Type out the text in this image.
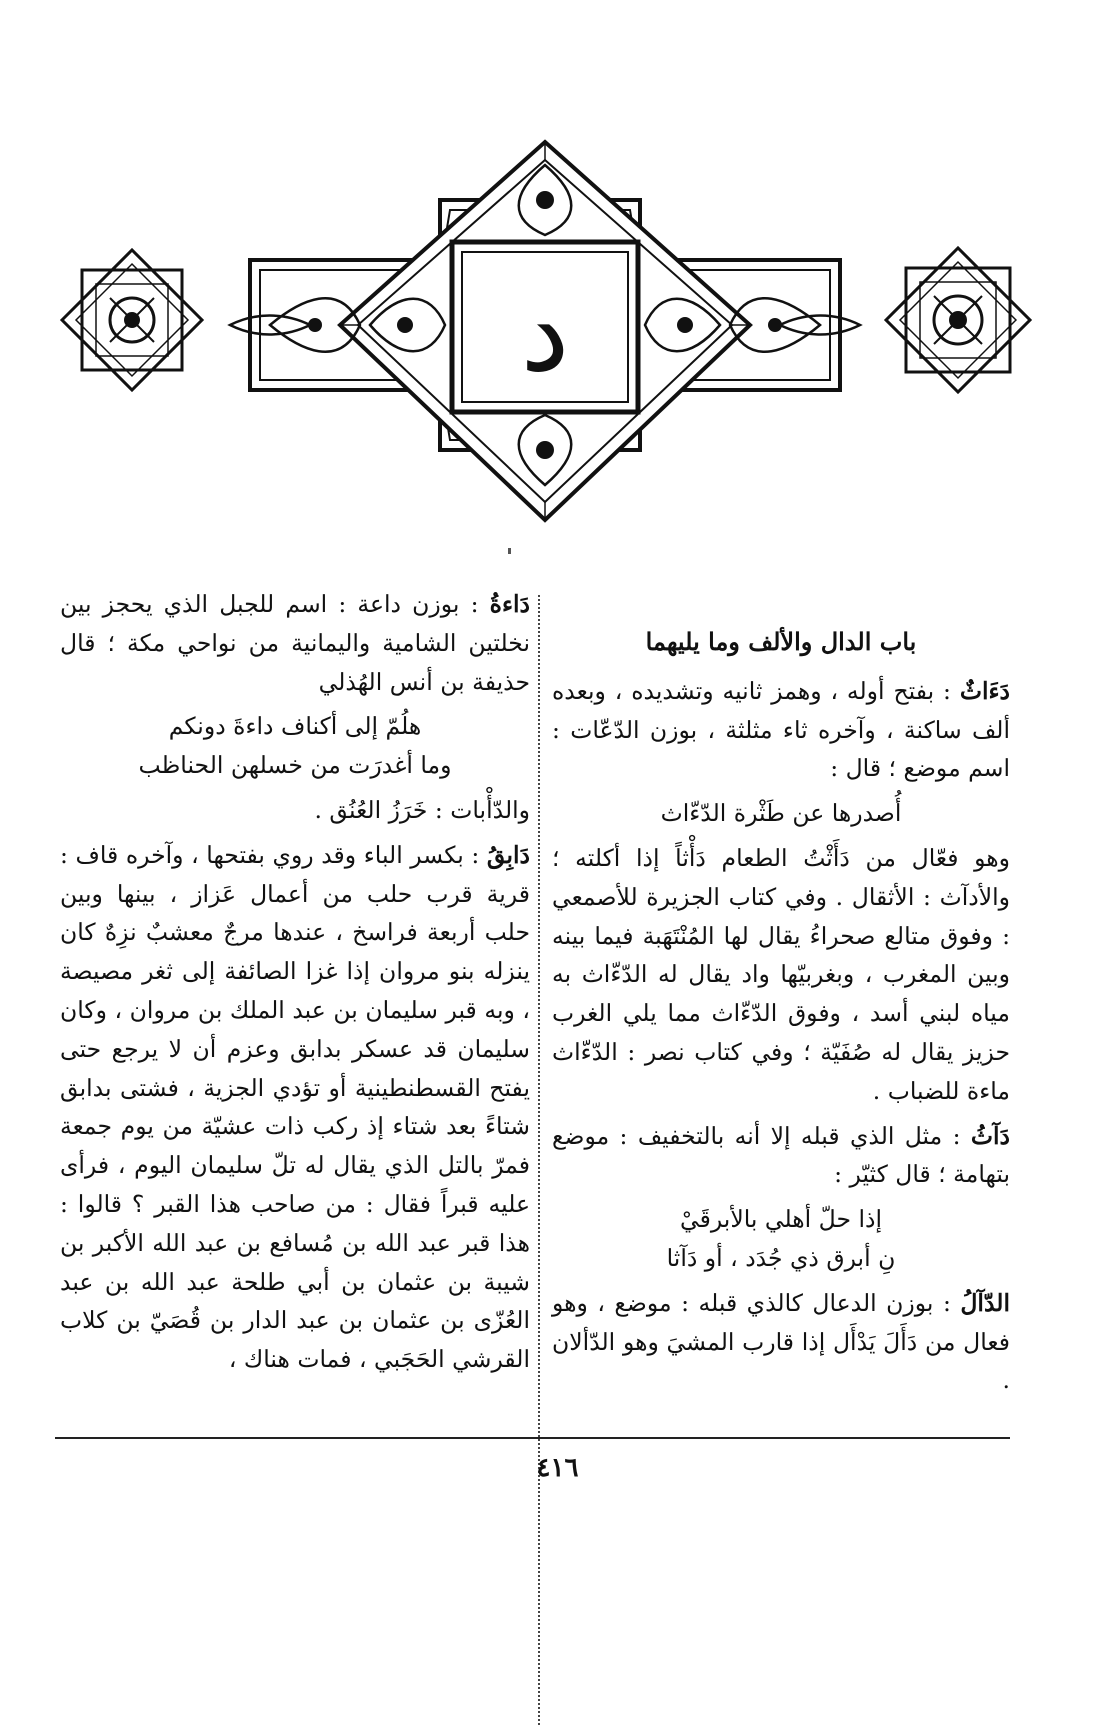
د

باب الدال والألف وما يليهما

دَءَاثٌ : بفتح أوله ، وهمز ثانيه وتشديده ، وبعده ألف ساكنة ، وآخره ثاء مثلثة ، بوزن الدّعّات : اسم موضع ؛ قال :

أُصدرها عن طَثْرة الدّءّاث

وهو فعّال من دَأَثْتُ الطعام دَأْثاً إذا أكلته ؛ والأدآث : الأثقال . وفي كتاب الجزيرة للأصمعي : وفوق متالع صحراءُ يقال لها المُنْتَهَبة فيما بينه وبين المغرب ، وبغربيّها واد يقال له الدّءّاث به مياه لبني أسد ، وفوق الدّءّاث مما يلي الغرب حزيز يقال له صُفَيّة ؛ وفي كتاب نصر : الدّءّاث ماءة للضباب .

دَآثُ : مثل الذي قبله إلا أنه بالتخفيف : موضع بتهامة ؛ قال كثيّر :

إذا حلّ أهلي بالأبرقَيْ
نِ أبرق ذي جُدَد ، أو دَآثا

الدّآلُ : بوزن الدعال كالذي قبله : موضع ، وهو فعال من دَأَلَ يَدْأَل إذا قارب المشيَ وهو الدّألان .

دَاءةُ : بوزن داعة : اسم للجبل الذي يحجز بين نخلتين الشامية واليمانية من نواحي مكة ؛ قال حذيفة بن أنس الهُذلي

هلُمّ إلى أكناف داءةَ دونكم
وما أغدرَت من خسلهن الحناظب

والدّأْبات : خَرَزُ العُنُق .

دَابِقُ : بكسر الباء وقد روي بفتحها ، وآخره قاف : قرية قرب حلب من أعمال عَزاز ، بينها وبين حلب أربعة فراسخ ، عندها مرجٌ معشبٌ نزِهٌ كان ينزله بنو مروان إذا غزا الصائفة إلى ثغر مصيصة ، وبه قبر سليمان بن عبد الملك بن مروان ، وكان سليمان قد عسكر بدابق وعزم أن لا يرجع حتى يفتح القسطنطينية أو تؤدي الجزية ، فشتى بدابق شتاءً بعد شتاء إذ ركب ذات عشيّة من يوم جمعة فمرّ بالتل الذي يقال له تلّ سليمان اليوم ، فرأى عليه قبراً فقال : من صاحب هذا القبر ؟ قالوا : هذا قبر عبد الله بن مُسافع بن عبد الله الأكبر بن شيبة بن عثمان بن أبي طلحة عبد الله بن عبد العُزّى بن عثمان بن عبد الدار بن قُصَيّ بن كلاب القرشي الحَجَبي ، فمات هناك ،

٤١٦
